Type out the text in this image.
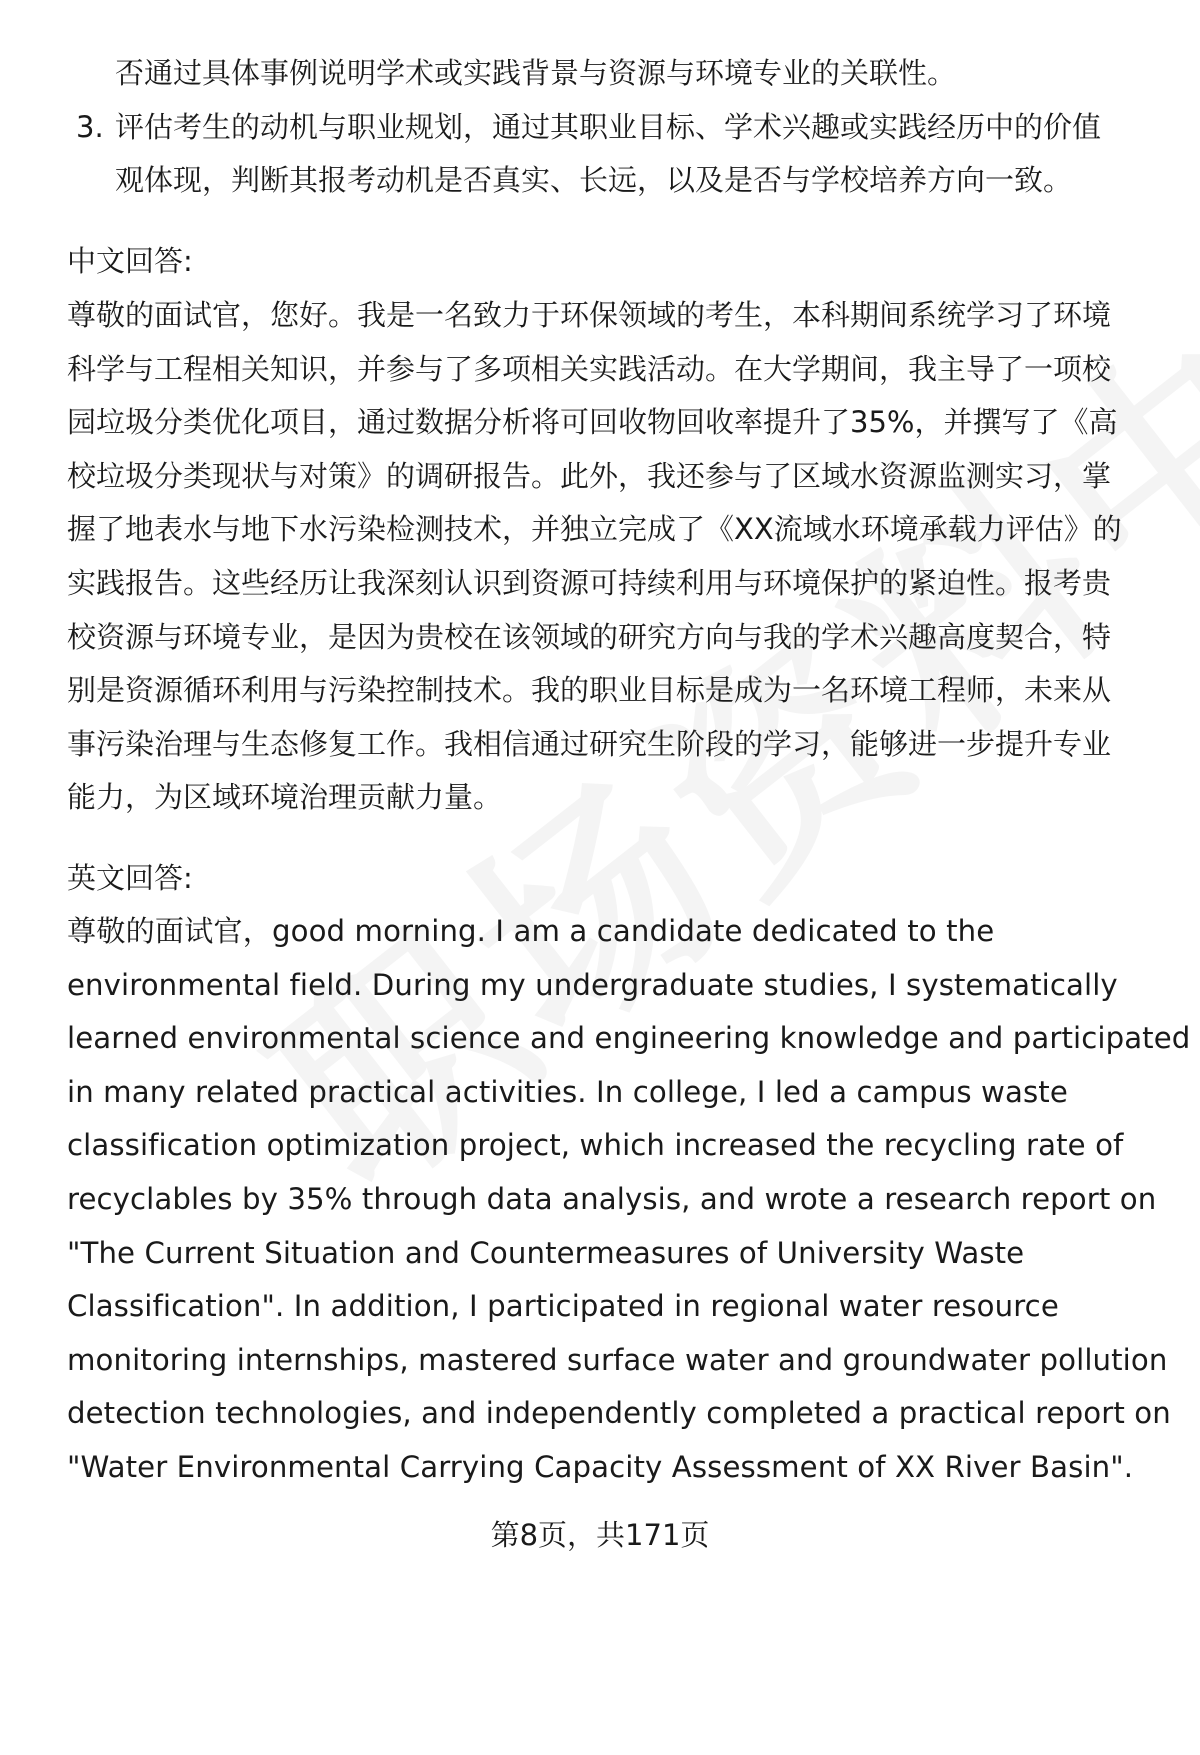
否通过具体事例说明学术或实践背景与资源与环境专业的关联性。
3. 评估考生的动机与职业规划，通过其职业目标、学术兴趣或实践经历中的价值
观体现，判断其报考动机是否真实、长远，以及是否与学校培养方向一致。
中文回答:
尊敬的面试官，您好。我是一名致力于环保领域的考生，本科期间系统学习了环境
科学与工程相关知识，并参与了多项相关实践活动。在大学期间，我主导了一项校
园垃圾分类优化项目，通过数据分析将可回收物回收率提升了35%，并撰写了《高
校垃圾分类现状与对策》的调研报告。此外，我还参与了区域水资源监测实习，掌
握了地表水与地下水污染检测技术，并独立完成了《XX流域水环境承载力评估》的
实践报告。这些经历让我深刻认识到资源可持续利用与环境保护的紧迫性。报考贵
校资源与环境专业，是因为贵校在该领域的研究方向与我的学术兴趣高度契合，特
别是资源循环利用与污染控制技术。我的职业目标是成为一名环境工程师，未来从
事污染治理与生态修复工作。我相信通过研究生阶段的学习，能够进一步提升专业
能力，为区域环境治理贡献力量。
英文回答:
尊敬的面试官，good morning. I am a candidate dedicated to the
environmental field. During my undergraduate studies, I systematically
learned environmental science and engineering knowledge and participated
in many related practical activities. In college, I led a campus waste
classification optimization project, which increased the recycling rate of
recyclables by 35% through data analysis, and wrote a research report on
"The Current Situation and Countermeasures of University Waste
Classification". In addition, I participated in regional water resource
monitoring internships, mastered surface water and groundwater pollution
detection technologies, and independently completed a practical report on
"Water Environmental Carrying Capacity Assessment of XX River Basin".
第8页，共171页
